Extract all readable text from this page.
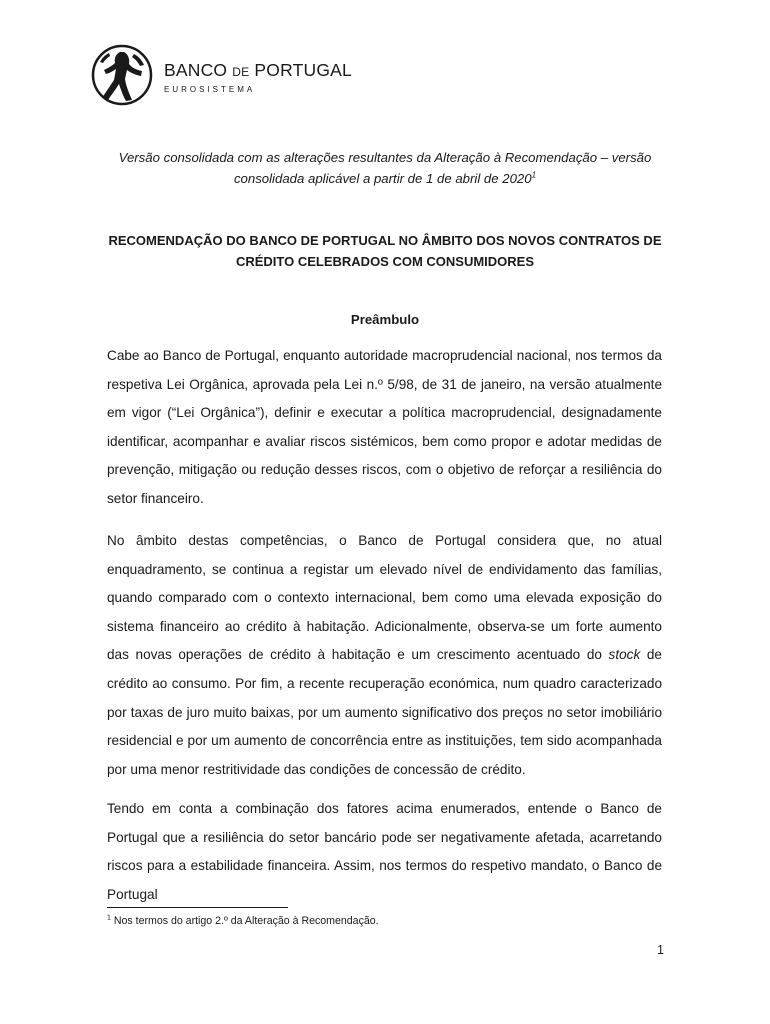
BANCO DE PORTUGAL
EUROSISTEMA
Versão consolidada com as alterações resultantes da Alteração à Recomendação – versão
consolidada aplicável a partir de 1 de abril de 2020$^1$
RECOMENDAÇÃO DO BANCO DE PORTUGAL NO ÂMBITO DOS NOVOS CONTRATOS DE
CRÉDITO CELEBRADOS COM CONSUMIDORES
Preâmbulo

Cabe ao Banco de Portugal, enquanto autoridade macroprudencial nacional, nos termos da respetiva Lei Orgânica, aprovada pela Lei n.º 5/98, de 31 de janeiro, na versão atualmente em vigor (“Lei Orgânica”), definir e executar a política macroprudencial, designadamente identificar, acompanhar e avaliar riscos sistémicos, bem como propor e adotar medidas de prevenção, mitigação ou redução desses riscos, com o objetivo de reforçar a resiliência do setor financeiro.

No âmbito destas competências, o Banco de Portugal considera que, no atual enquadramento, se continua a registar um elevado nível de endividamento das famílias, quando comparado com o contexto internacional, bem como uma elevada exposição do sistema financeiro ao crédito à habitação. Adicionalmente, observa-se um forte aumento das novas operações de crédito à habitação e um crescimento acentuado do stock de crédito ao consumo. Por fim, a recente recuperação económica, num quadro caracterizado por taxas de juro muito baixas, por um aumento significativo dos preços no setor imobiliário residencial e por um aumento de concorrência entre as instituições, tem sido acompanhada por uma menor restritividade das condições de concessão de crédito.

Tendo em conta a combinação dos fatores acima enumerados, entende o Banco de Portugal que a resiliência do setor bancário pode ser negativamente afetada, acarretando riscos para a estabilidade financeira. Assim, nos termos do respetivo mandato, o Banco de Portugal

$^1$ Nos termos do artigo 2.º da Alteração à Recomendação.
1
